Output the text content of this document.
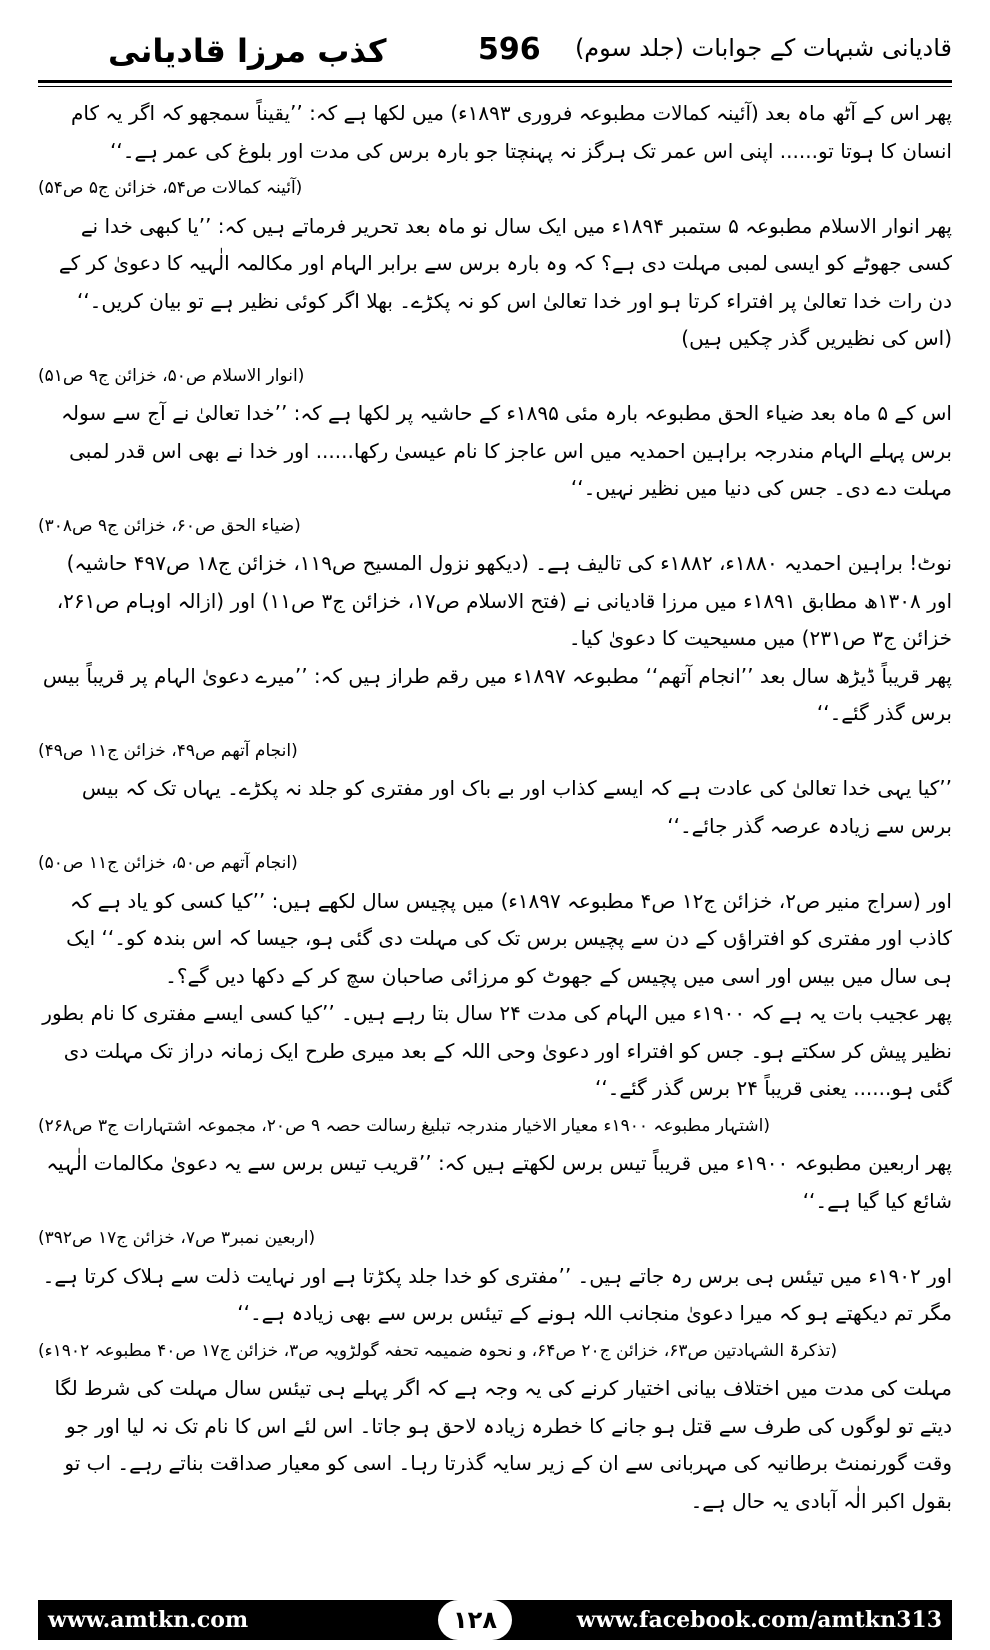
کذب مرزا قادیانی	596 قادیانی شبہات کے جوابات (جلد سوم)

پھر اس کے آٹھ ماہ بعد (آئینہ کمالات مطبوعہ فروری ۱۸۹۳ء) میں لکھا ہے کہ: ’’یقیناً سمجھو کہ اگر یہ کام انسان کا ہوتا تو...... اپنی اس عمر تک ہرگز نہ پہنچتا جو بارہ برس کی مدت اور بلوغ کی عمر ہے۔‘‘

(آئینہ کمالات ص۵۴، خزائن ج۵ ص۵۴)

پھر انوار الاسلام مطبوعہ ۵ ستمبر ۱۸۹۴ء میں ایک سال نو ماہ بعد تحریر فرماتے ہیں کہ: ’’یا کبھی خدا نے کسی جھوٹے کو ایسی لمبی مہلت دی ہے؟ کہ وہ بارہ برس سے برابر الہام اور مکالمہ الٰہیہ کا دعویٰ کر کے دن رات خدا تعالیٰ پر افتراء کرتا ہو اور خدا تعالیٰ اس کو نہ پکڑے۔ بھلا اگر کوئی نظیر ہے تو بیان کریں۔‘‘ (اس کی نظیریں گذر چکیں ہیں)

(انوار الاسلام ص۵۰، خزائن ج۹ ص۵۱)

اس کے ۵ ماہ بعد ضیاء الحق مطبوعہ بارہ مئی ۱۸۹۵ء کے حاشیہ پر لکھا ہے کہ: ’’خدا تعالیٰ نے آج سے سولہ برس پہلے الہام مندرجہ براہین احمدیہ میں اس عاجز کا نام عیسیٰ رکھا...... اور خدا نے بھی اس قدر لمبی مہلت دے دی۔ جس کی دنیا میں نظیر نہیں۔‘‘

(ضیاء الحق ص۶۰، خزائن ج۹ ص۳۰۸)

نوٹ! براہین احمدیہ ۱۸۸۰ء، ۱۸۸۲ء کی تالیف ہے۔ (دیکھو نزول المسیح ص۱۱۹، خزائن ج۱۸ ص۴۹۷ حاشیہ)

اور ۱۳۰۸ھ مطابق ۱۸۹۱ء میں مرزا قادیانی نے (فتح الاسلام ص۱۷، خزائن ج۳ ص۱۱) اور (ازالہ اوہام ص۲۶۱، خزائن ج۳ ص۲۳۱) میں مسیحیت کا دعویٰ کیا۔

پھر قریباً ڈیڑھ سال بعد ’’انجام آتھم‘‘ مطبوعہ ۱۸۹۷ء میں رقم طراز ہیں کہ: ’’میرے دعویٰ الہام پر قریباً بیس برس گذر گئے۔‘‘

(انجام آتھم ص۴۹، خزائن ج۱۱ ص۴۹)

’’کیا یہی خدا تعالیٰ کی عادت ہے کہ ایسے کذاب اور بے باک اور مفتری کو جلد نہ پکڑے۔ یہاں تک کہ بیس برس سے زیادہ عرصہ گذر جائے۔‘‘

(انجام آتھم ص۵۰، خزائن ج۱۱ ص۵۰)

اور (سراج منیر ص۲، خزائن ج۱۲ ص۴ مطبوعہ ۱۸۹۷ء) میں پچیس سال لکھے ہیں: ’’کیا کسی کو یاد ہے کہ کاذب اور مفتری کو افتراؤں کے دن سے پچیس برس تک کی مہلت دی گئی ہو، جیسا کہ اس بندہ کو۔‘‘ ایک ہی سال میں بیس اور اسی میں پچیس کے جھوٹ کو مرزائی صاحبان سچ کر کے دکھا دیں گے؟۔

پھر عجیب بات یہ ہے کہ ۱۹۰۰ء میں الہام کی مدت ۲۴ سال بتا رہے ہیں۔ ’’کیا کسی ایسے مفتری کا نام بطور نظیر پیش کر سکتے ہو۔ جس کو افتراء اور دعویٰ وحی اللہ کے بعد میری طرح ایک زمانہ دراز تک مہلت دی گئی ہو...... یعنی قریباً ۲۴ برس گذر گئے۔‘‘

(اشتہار مطبوعہ ۱۹۰۰ء معیار الاخیار مندرجہ تبلیغ رسالت حصہ ۹ ص۲۰، مجموعہ اشتہارات ج۳ ص۲۶۸)

پھر اربعین مطبوعہ ۱۹۰۰ء میں قریباً تیس برس لکھتے ہیں کہ: ’’قریب تیس برس سے یہ دعویٰ مکالمات الٰہیہ شائع کیا گیا ہے۔‘‘

(اربعین نمبر۳ ص۷، خزائن ج۱۷ ص۳۹۲)

اور ۱۹۰۲ء میں تیئس ہی برس رہ جاتے ہیں۔ ’’مفتری کو خدا جلد پکڑتا ہے اور نہایت ذلت سے ہلاک کرتا ہے۔ مگر تم دیکھتے ہو کہ میرا دعویٰ منجانب اللہ ہونے کے تیئس برس سے بھی زیادہ ہے۔‘‘

(تذکرۃ الشہادتین ص۶۳، خزائن ج۲۰ ص۶۴، و نحوہ ضمیمہ تحفہ گولڑویہ ص۳، خزائن ج۱۷ ص۴۰ مطبوعہ ۱۹۰۲ء)

مہلت کی مدت میں اختلاف بیانی اختیار کرنے کی یہ وجہ ہے کہ اگر پہلے ہی تیئس سال مہلت کی شرط لگا دیتے تو لوگوں کی طرف سے قتل ہو جانے کا خطرہ زیادہ لاحق ہو جاتا۔ اس لئے اس کا نام تک نہ لیا اور جو وقت گورنمنٹ برطانیہ کی مہربانی سے ان کے زیر سایہ گذرتا رہا۔ اسی کو معیار صداقت بناتے رہے۔ اب تو بقول اکبر الٰہ آبادی یہ حال ہے۔

www.amtkn.com	۱۲۸	www.facebook.com/amtkn313
